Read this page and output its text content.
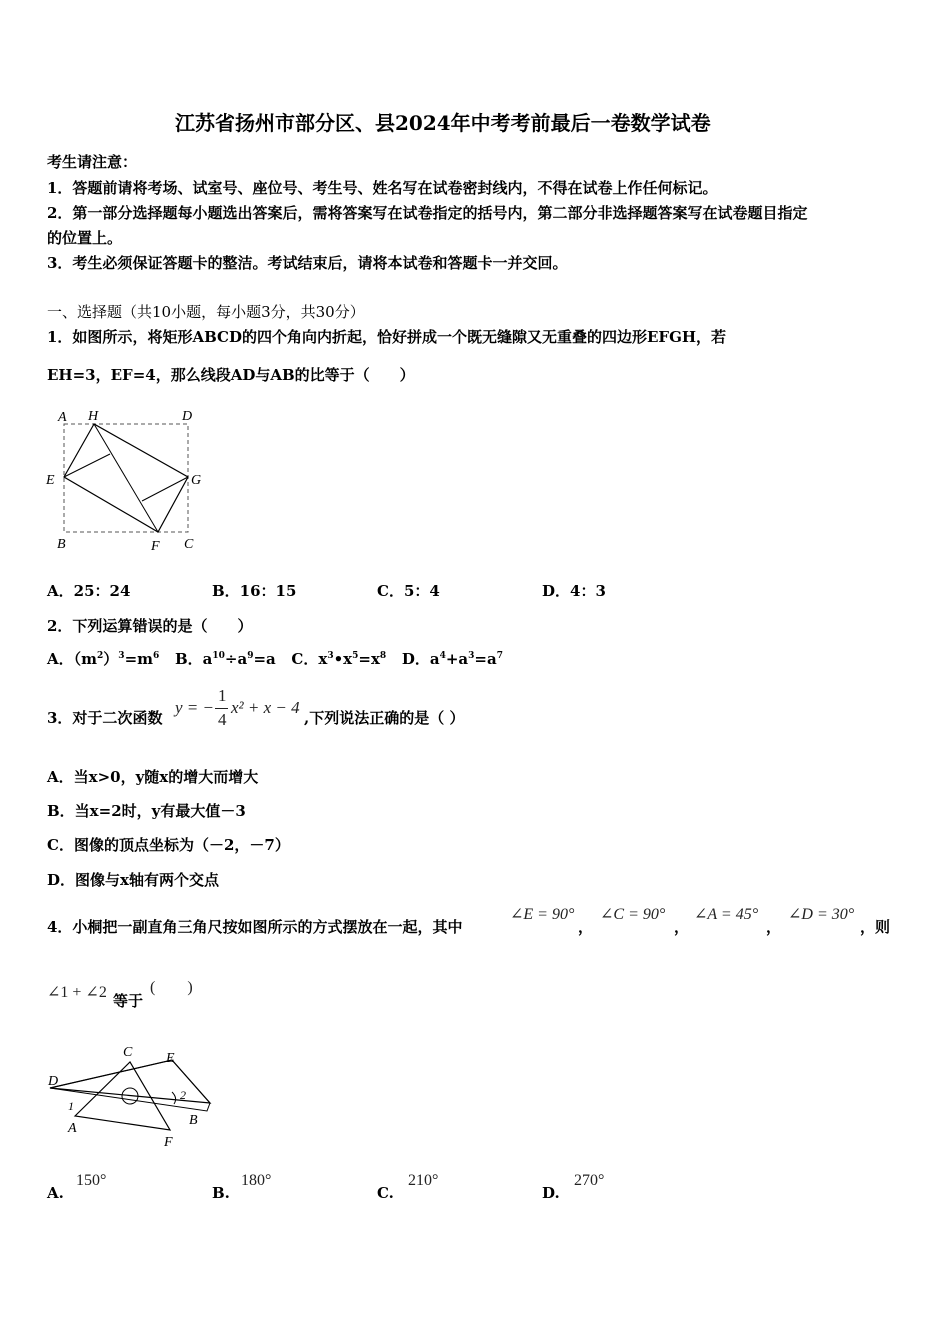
江苏省扬州市部分区、县2024年中考考前最后一卷数学试卷
考生请注意：
1．答题前请将考场、试室号、座位号、考生号、姓名写在试卷密封线内，不得在试卷上作任何标记。
2．第一部分选择题每小题选出答案后，需将答案写在试卷指定的括号内，第二部分非选择题答案写在试卷题目指定
的位置上。
3．考生必须保证答题卡的整洁。考试结束后，请将本试卷和答题卡一并交回。
一、选择题（共10小题，每小题3分，共30分）
1．如图所示，将矩形ABCD的四个角向内折起，恰好拼成一个既无缝隙又无重叠的四边形EFGH，若
EH=3，EF=4，那么线段AD与AB的比等于（　　）
A H	D
E	G
B	F C
A．25：24	B．16：15	C．5：4	D．4：3
2．下列运算错误的是（　　）
A．$(m^2)^3=m^6$ B．$a^{10}\div a^9=a$ C．$x^3•x^5=x^8$ D．$a^4+a^3=a^7$
3．对于二次函数
y = −
1
4
x² + x − 4
,下列说法正确的是（ ）
A．当x>0，y随x的增大而增大
B．当x=2时，y有最大值－3
C．图像的顶点坐标为（－2，－7）
D．图像与x轴有两个交点
4．小桐把一副直角三角尺按如图所示的方式摆放在一起，其中
∠E = 90°
，
∠C = 90°
，
∠A = 45°
，
∠D = 30°
，则
∠1 + ∠2 等于
(　　)
C E
D
1
2
A
B
F
A.
150°
B.
180°
C.
210°
D.
270°
